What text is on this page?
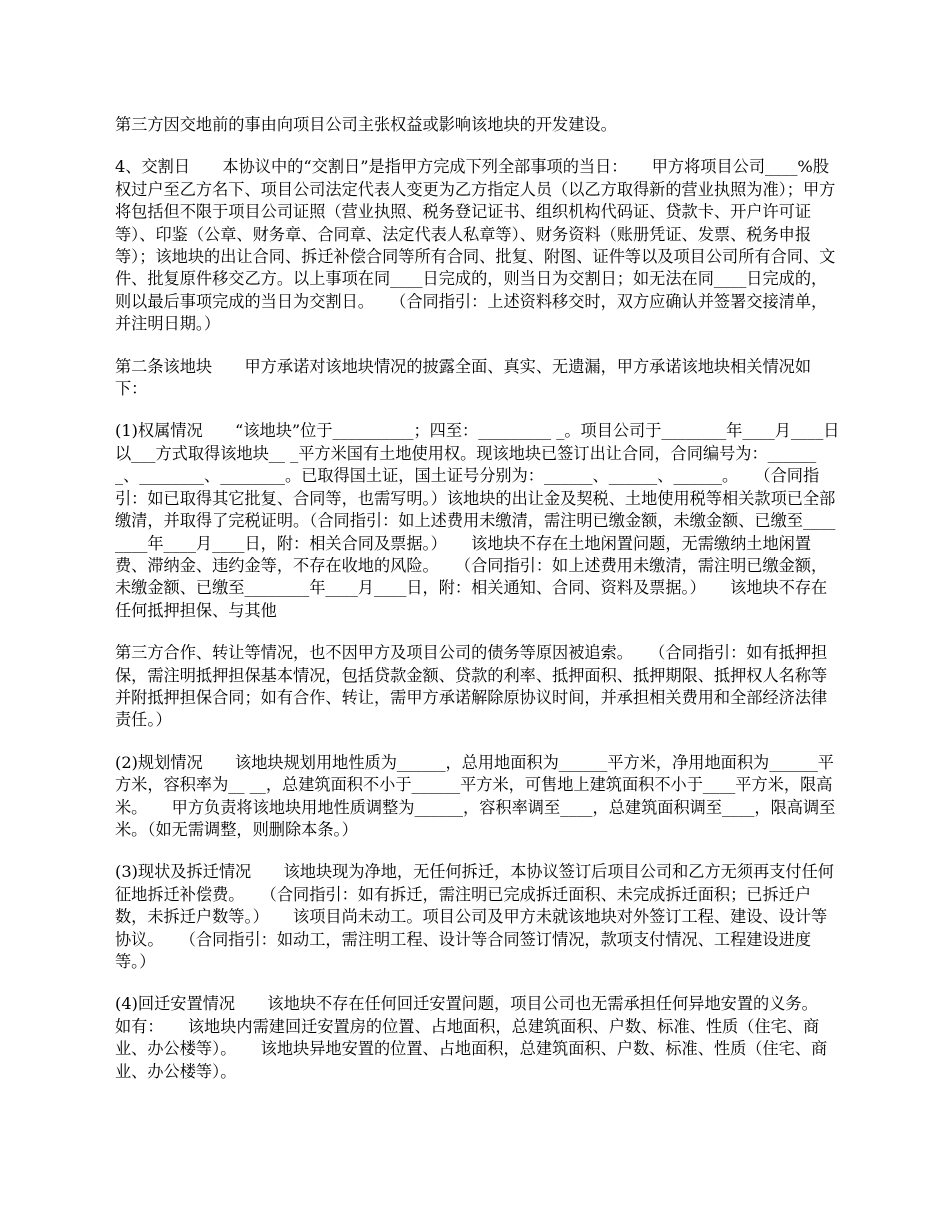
第三方因交地前的事由向项目公司主张权益或影响该地块的开发建设。

4、交割日　　本协议中的“交割日”是指甲方完成下列全部事项的当日：　　甲方将项目公司____%股权过户至乙方名下、项目公司法定代表人变更为乙方指定人员（以乙方取得新的营业执照为准）；甲方将包括但不限于项目公司证照（营业执照、税务登记证书、组织机构代码证、贷款卡、开户许可证等）、印鉴（公章、财务章、合同章、法定代表人私章等）、财务资料（账册凭证、发票、税务申报等）；该地块的出让合同、拆迁补偿合同等所有合同、批复、附图、证件等以及项目公司所有合同、文件、批复原件移交乙方。以上事项在同____日完成的，则当日为交割日；如无法在同____日完成的，则以最后事项完成的当日为交割日。　　（合同指引：上述资料移交时，双方应确认并签署交接清单，并注明日期。）

第二条该地块　　甲方承诺对该地块情况的披露全面、真实、无遗漏，甲方承诺该地块相关情况如下：

(1)权属情况　　“该地块”位于__________；四至：_________ _。项目公司于________年____月____日以___方式取得该地块__ _平方米国有土地使用权。现该地块已签订出让合同，合同编号为：_______、________、________。已取得国土证，国土证号分别为：______、______、______。　　（合同指引：如已取得其它批复、合同等，也需写明。）该地块的出让金及契税、土地使用税等相关款项已全部缴清，并取得了完税证明。（合同指引：如上述费用未缴清，需注明已缴金额，未缴金额、已缴至________年____月____日，附：相关合同及票据。）　　该地块不存在土地闲置问题，无需缴纳土地闲置费、滞纳金、违约金等，不存在收地的风险。　　（合同指引：如上述费用未缴清，需注明已缴金额，未缴金额、已缴至________年____月____日，附：相关通知、合同、资料及票据。）　　该地块不存在任何抵押担保、与其他

第三方合作、转让等情况，也不因甲方及项目公司的债务等原因被追索。　　（合同指引：如有抵押担保，需注明抵押担保基本情况，包括贷款金额、贷款的利率、抵押面积、抵押期限、抵押权人名称等并附抵押担保合同；如有合作、转让，需甲方承诺解除原协议时间，并承担相关费用和全部经济法律责任。）

(2)规划情况　　该地块规划用地性质为______，总用地面积为______平方米，净用地面积为______平方米，容积率为__ __，总建筑面积不小于______平方米，可售地上建筑面积不小于____平方米，限高 米。　　甲方负责将该地块用地性质调整为______，容积率调至____，总建筑面积调至____，限高调至 米。（如无需调整，则删除本条。）

(3)现状及拆迁情况　　该地块现为净地，无任何拆迁，本协议签订后项目公司和乙方无须再支付任何征地拆迁补偿费。　　（合同指引：如有拆迁，需注明已完成拆迁面积、未完成拆迁面积；已拆迁户数，未拆迁户数等。）　　该项目尚未动工。项目公司及甲方未就该地块对外签订工程、建设、设计等协议。　　（合同指引：如动工，需注明工程、设计等合同签订情况，款项支付情况、工程建设进度等。）

(4)回迁安置情况　　该地块不存在任何回迁安置问题，项目公司也无需承担任何异地安置的义务。　　如有：　　该地块内需建回迁安置房的位置、占地面积，总建筑面积、户数、标准、性质（住宅、商业、办公楼等）。　　该地块异地安置的位置、占地面积，总建筑面积、户数、标准、性质（住宅、商业、办公楼等）。
